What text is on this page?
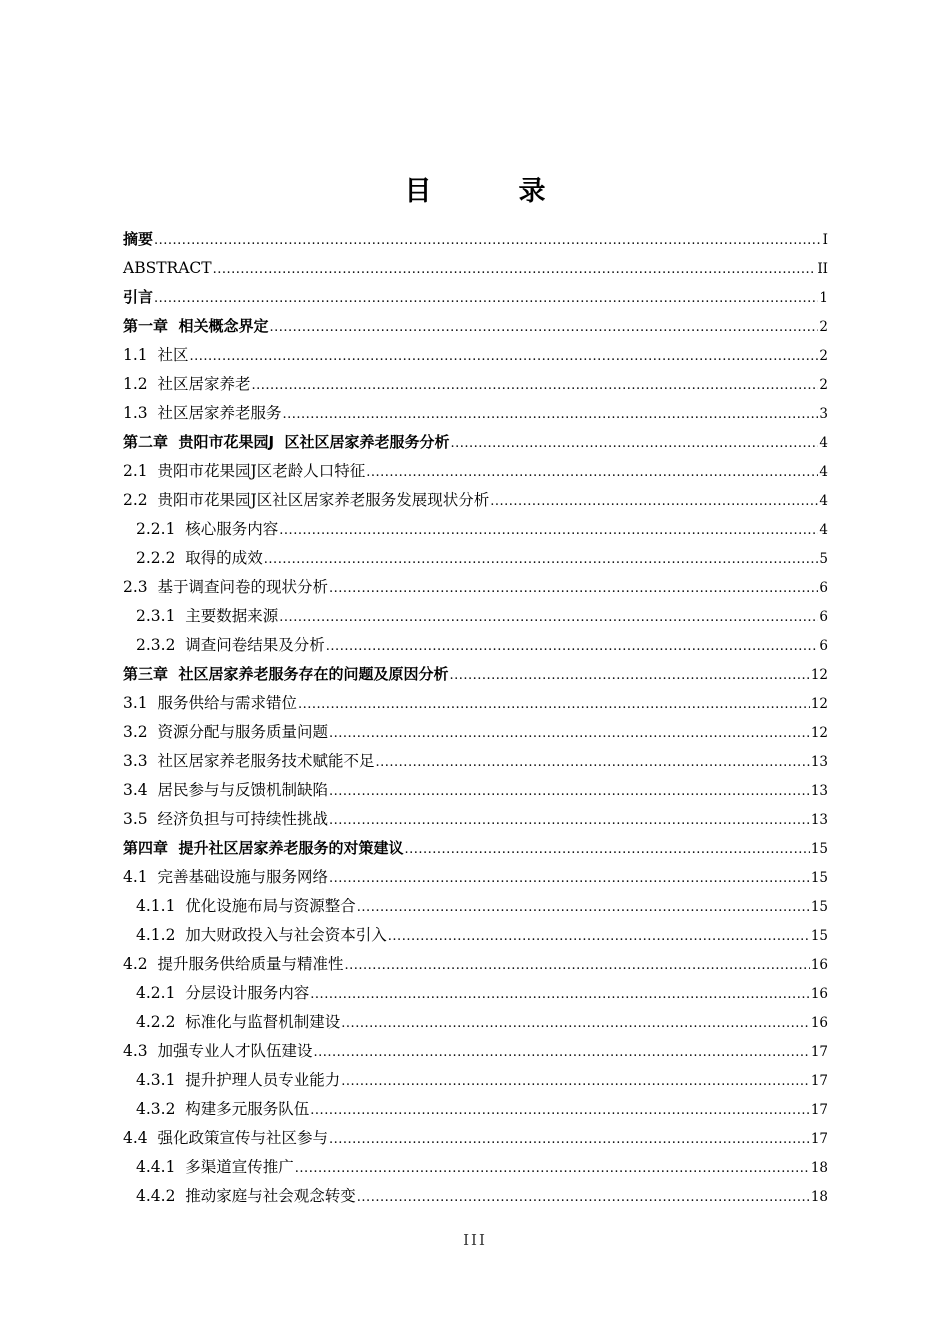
目　录
摘要 .....	I
ABSTRACT .....	II
引言 .....	1
第一章  相关概念界定 .....	2
1.1  社区 .....	2
1.2  社区居家养老 .....	2
1.3  社区居家养老服务 .....	3
第二章  贵阳市花果园J  区社区居家养老服务分析 .....	4
2.1  贵阳市花果园J区老龄人口特征 .....	4
2.2  贵阳市花果园J区社区居家养老服务发展现状分析 .....	4
2.2.1  核心服务内容 .....	4
2.2.2  取得的成效 .....	5
2.3  基于调查问卷的现状分析 .....	6
2.3.1  主要数据来源 .....	6
2.3.2  调查问卷结果及分析 .....	6
第三章  社区居家养老服务存在的问题及原因分析 .....	12
3.1  服务供给与需求错位 .....	12
3.2  资源分配与服务质量问题 .....	12
3.3  社区居家养老服务技术赋能不足 .....	13
3.4  居民参与与反馈机制缺陷 .....	13
3.5  经济负担与可持续性挑战 .....	13
第四章  提升社区居家养老服务的对策建议 .....	15
4.1  完善基础设施与服务网络 .....	15
4.1.1  优化设施布局与资源整合 .....	15
4.1.2  加大财政投入与社会资本引入 .....	15
4.2  提升服务供给质量与精准性 .....	16
4.2.1  分层设计服务内容 .....	16
4.2.2  标准化与监督机制建设 .....	16
4.3  加强专业人才队伍建设 .....	17
4.3.1  提升护理人员专业能力 .....	17
4.3.2  构建多元服务队伍 .....	17
4.4  强化政策宣传与社区参与 .....	17
4.4.1  多渠道宣传推广 .....	18
4.4.2  推动家庭与社会观念转变 .....	18
III
